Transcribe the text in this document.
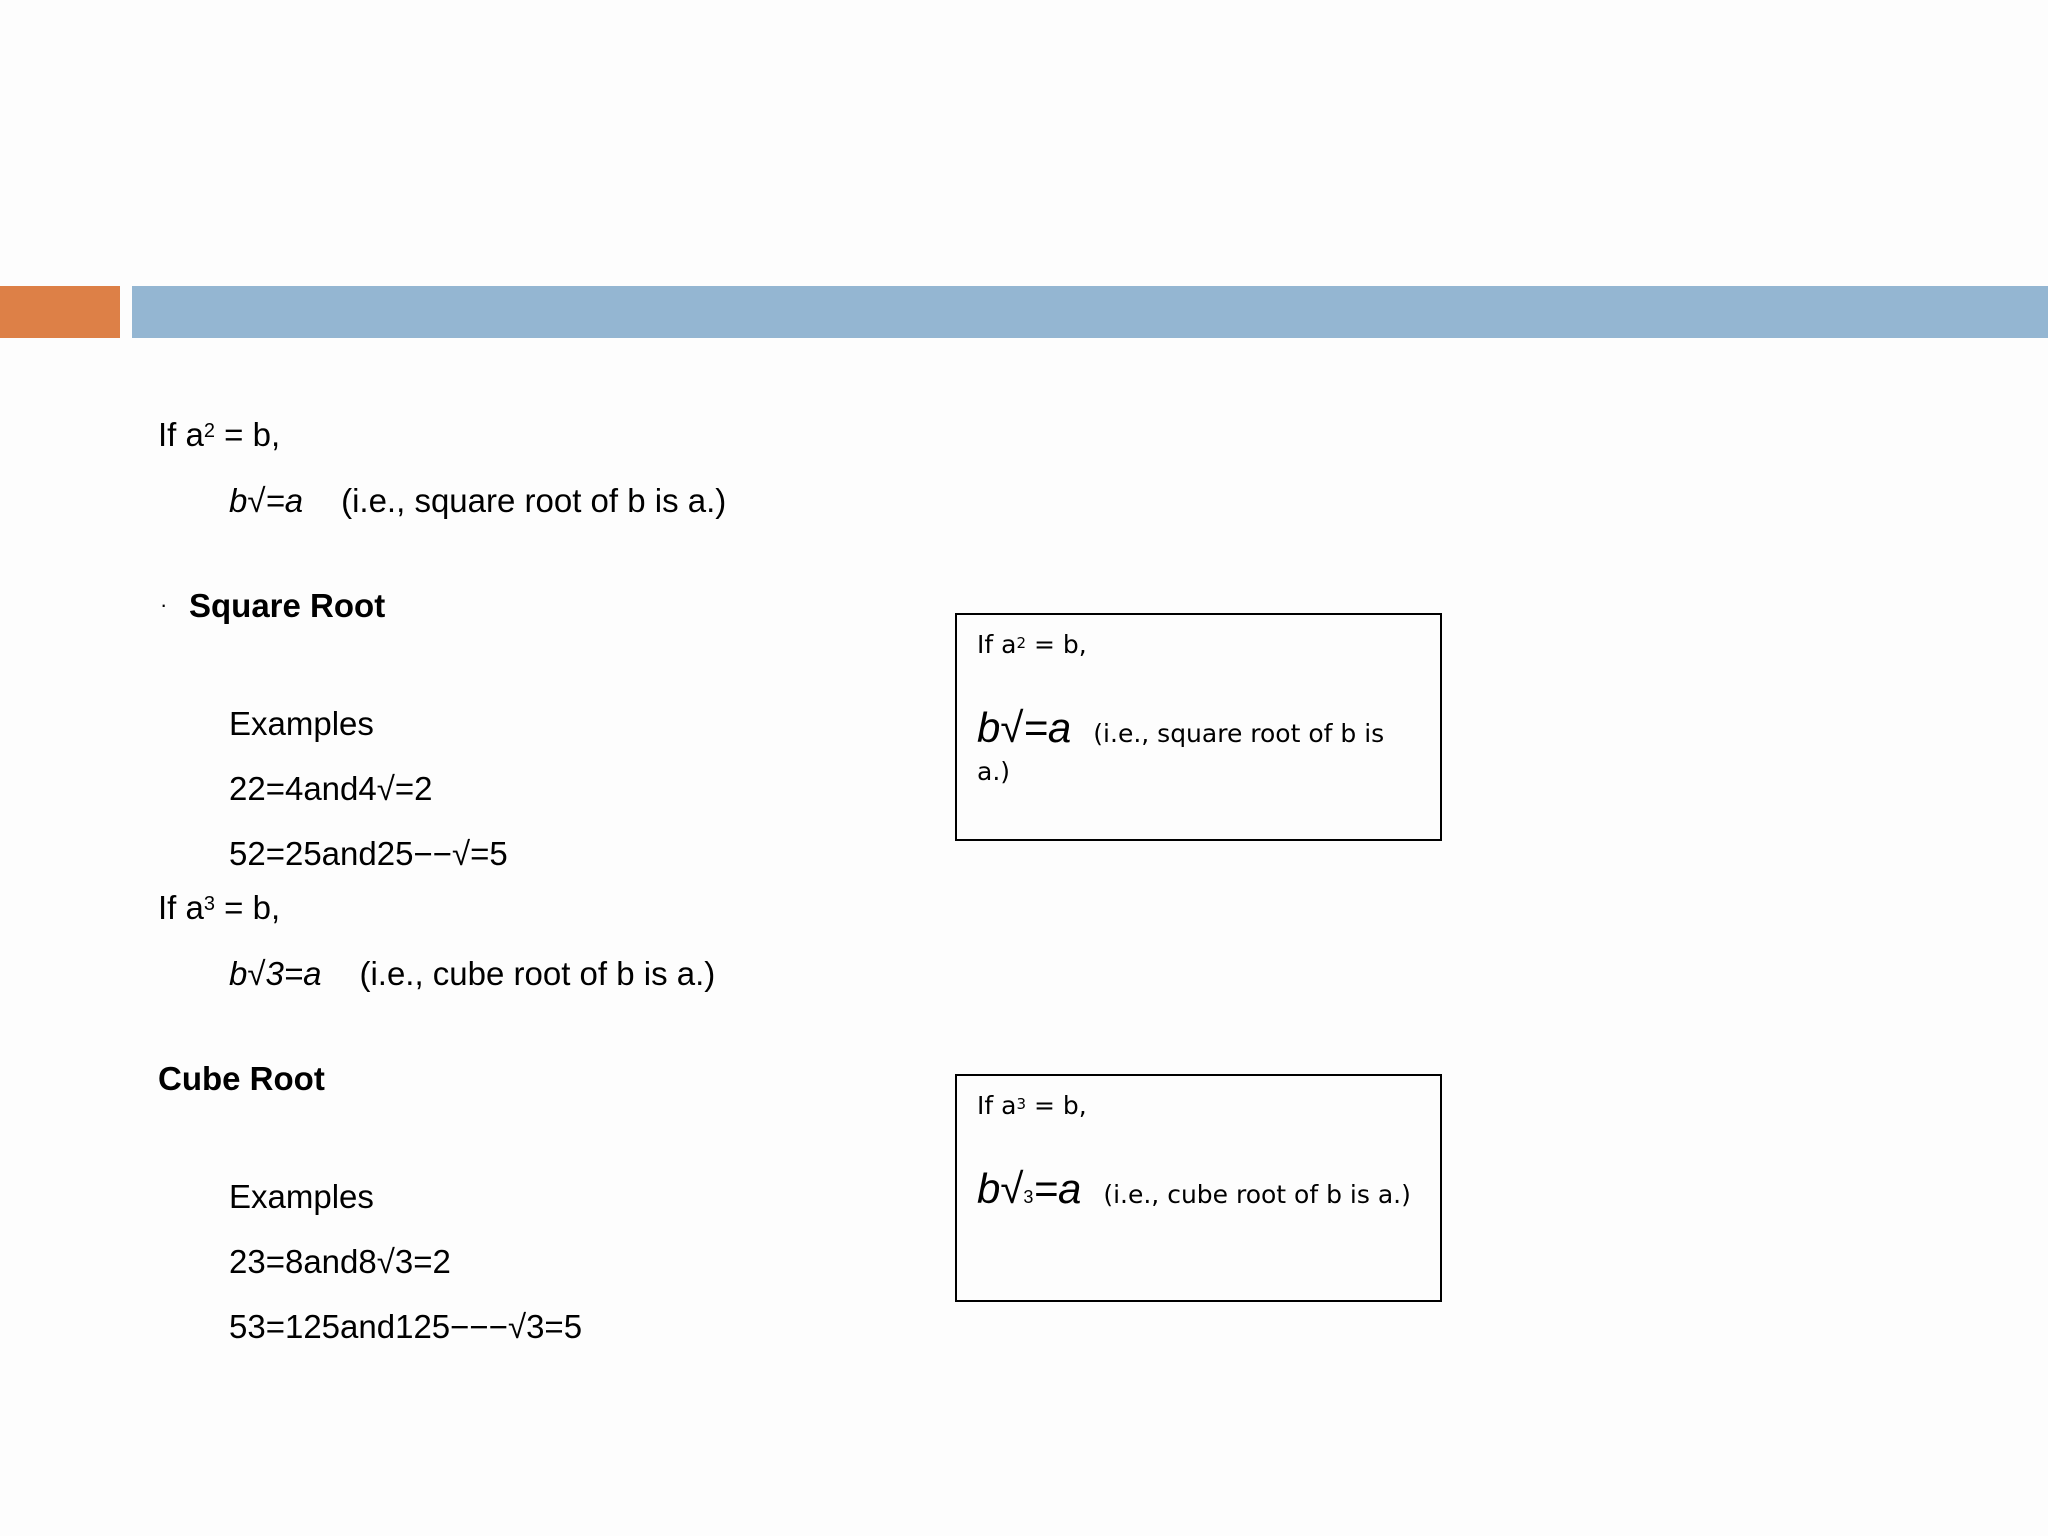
If $a^2 = b$,
b√=a (i.e., square root of b is a.)
· Square Root
Examples
22=4and4√=2
52=25and25−−√=5
If $a^3 = b$,
b√3=a (i.e., cube root of b is a.)
Cube Root
Examples
23=8and8√3=2
53=125and125−−−√3=5
If $a^2 = b$,
b√=a (i.e., square root of b is a.)
If $a^3 = b$,
b√3=a (i.e., cube root of b is a.)
